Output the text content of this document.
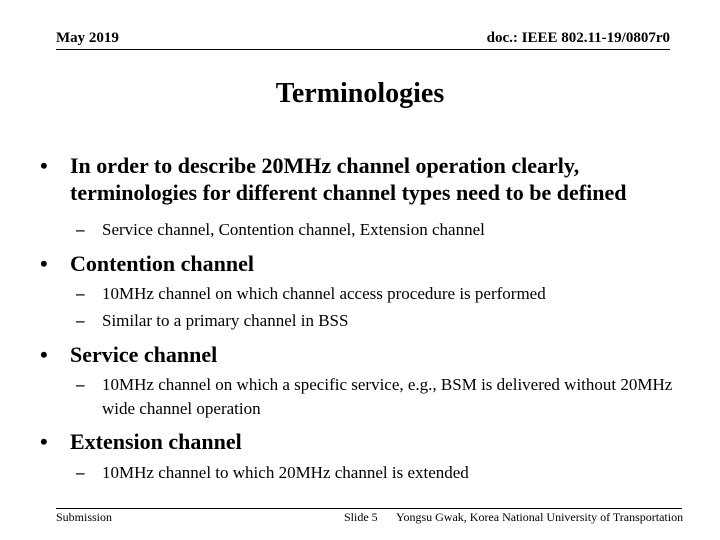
May 2019	doc.: IEEE 802.11-19/0807r0
Terminologies
• In order to describe 20MHz channel operation clearly, terminologies for different channel types need to be defined
– Service channel, Contention channel, Extension channel
• Contention channel
– 10MHz channel on which channel access procedure is performed
– Similar to a primary channel in BSS
• Service channel
– 10MHz channel on which a specific service, e.g., BSM is delivered without 20MHz wide channel operation
• Extension channel
– 10MHz channel to which 20MHz channel is extended
Submission	Slide 5 Yongsu Gwak, Korea National University of Transportation
